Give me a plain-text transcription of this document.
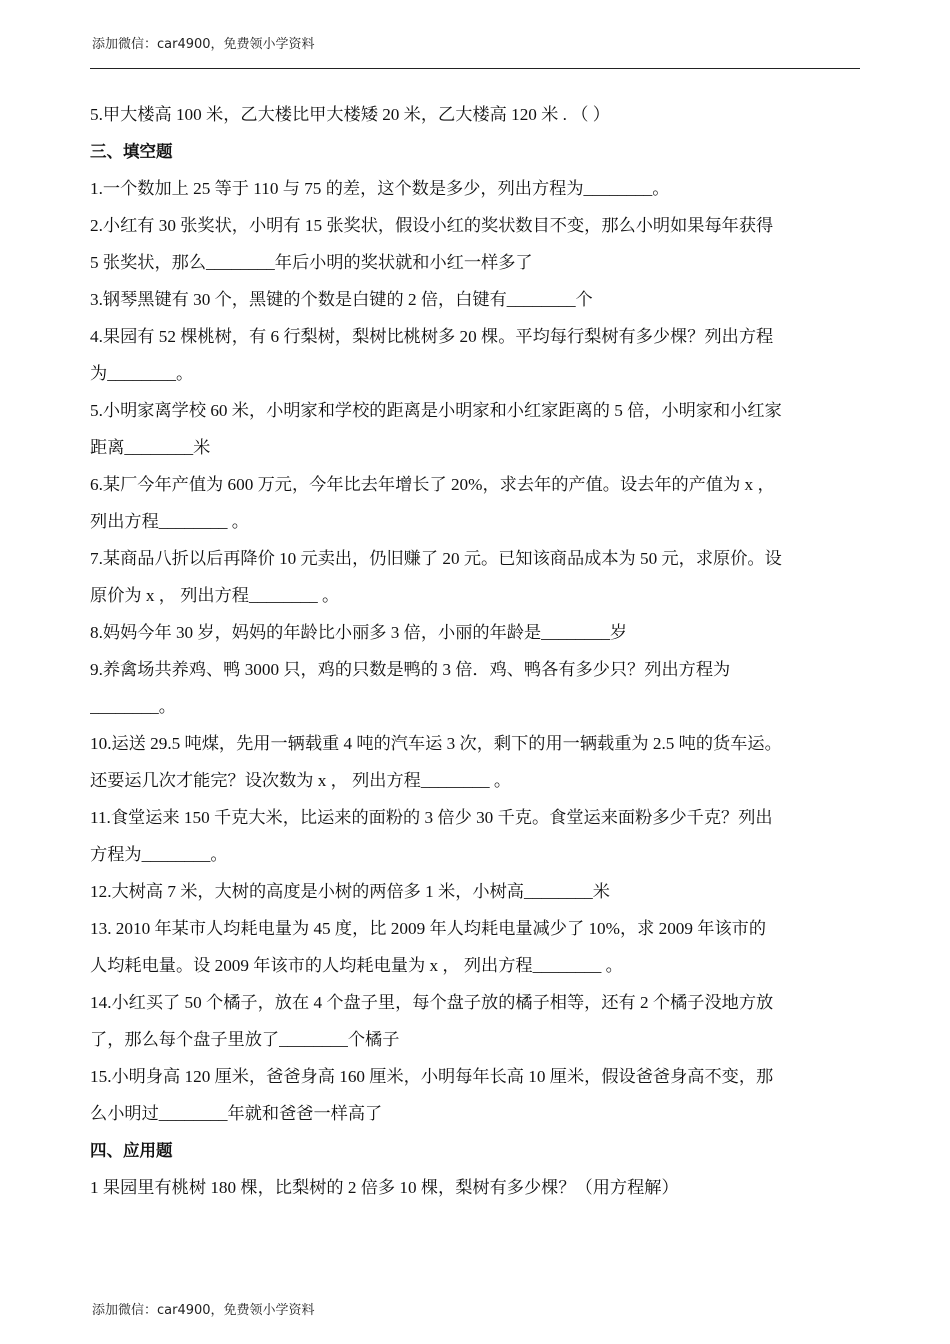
添加微信：car4900，免费领小学资料
5.甲大楼高 100 米，乙大楼比甲大楼矮 20 米，乙大楼高 120 米 . （ ）
三、填空题
1.一个数加上 25 等于 110 与 75 的差，这个数是多少，列出方程为________。
2.小红有 30 张奖状，小明有 15 张奖状，假设小红的奖状数目不变，那么小明如果每年获得
5 张奖状，那么________年后小明的奖状就和小红一样多了
3.钢琴黑键有 30 个，黑键的个数是白键的 2 倍，白键有________个
4.果园有 52 棵桃树，有 6 行梨树，梨树比桃树多 20 棵。平均每行梨树有多少棵？列出方程
为________。
5.小明家离学校 60 米，小明家和学校的距离是小明家和小红家距离的 5 倍，小明家和小红家
距离________米
6.某厂今年产值为 600 万元，今年比去年增长了 20%，求去年的产值。设去年的产值为 x ，
列出方程________ 。
7.某商品八折以后再降价 10 元卖出，仍旧赚了 20 元。已知该商品成本为 50 元，求原价。设
原价为 x ， 列出方程________ 。
8.妈妈今年 30 岁，妈妈的年龄比小丽多 3 倍，小丽的年龄是________岁
9.养禽场共养鸡、鸭 3000 只，鸡的只数是鸭的 3 倍．鸡、鸭各有多少只？列出方程为
________。
10.运送 29.5 吨煤，先用一辆载重 4 吨的汽车运 3 次，剩下的用一辆载重为 2.5 吨的货车运。
还要运几次才能完？设次数为 x ， 列出方程________ 。
11.食堂运来 150 千克大米，比运来的面粉的 3 倍少 30 千克。食堂运来面粉多少千克？列出
方程为________。
12.大树高 7 米，大树的高度是小树的两倍多 1 米，小树高________米
13. 2010 年某市人均耗电量为 45 度，比 2009 年人均耗电量减少了 10%，求 2009 年该市的
人均耗电量。设 2009 年该市的人均耗电量为 x ， 列出方程________ 。
14.小红买了 50 个橘子，放在 4 个盘子里，每个盘子放的橘子相等，还有 2 个橘子没地方放
了，那么每个盘子里放了________个橘子
15.小明身高 120 厘米，爸爸身高 160 厘米，小明每年长高 10 厘米，假设爸爸身高不变，那
么小明过________年就和爸爸一样高了
四、应用题
1 果园里有桃树 180 棵，比梨树的 2 倍多 10 棵，梨树有多少棵？（用方程解）
添加微信：car4900，免费领小学资料
